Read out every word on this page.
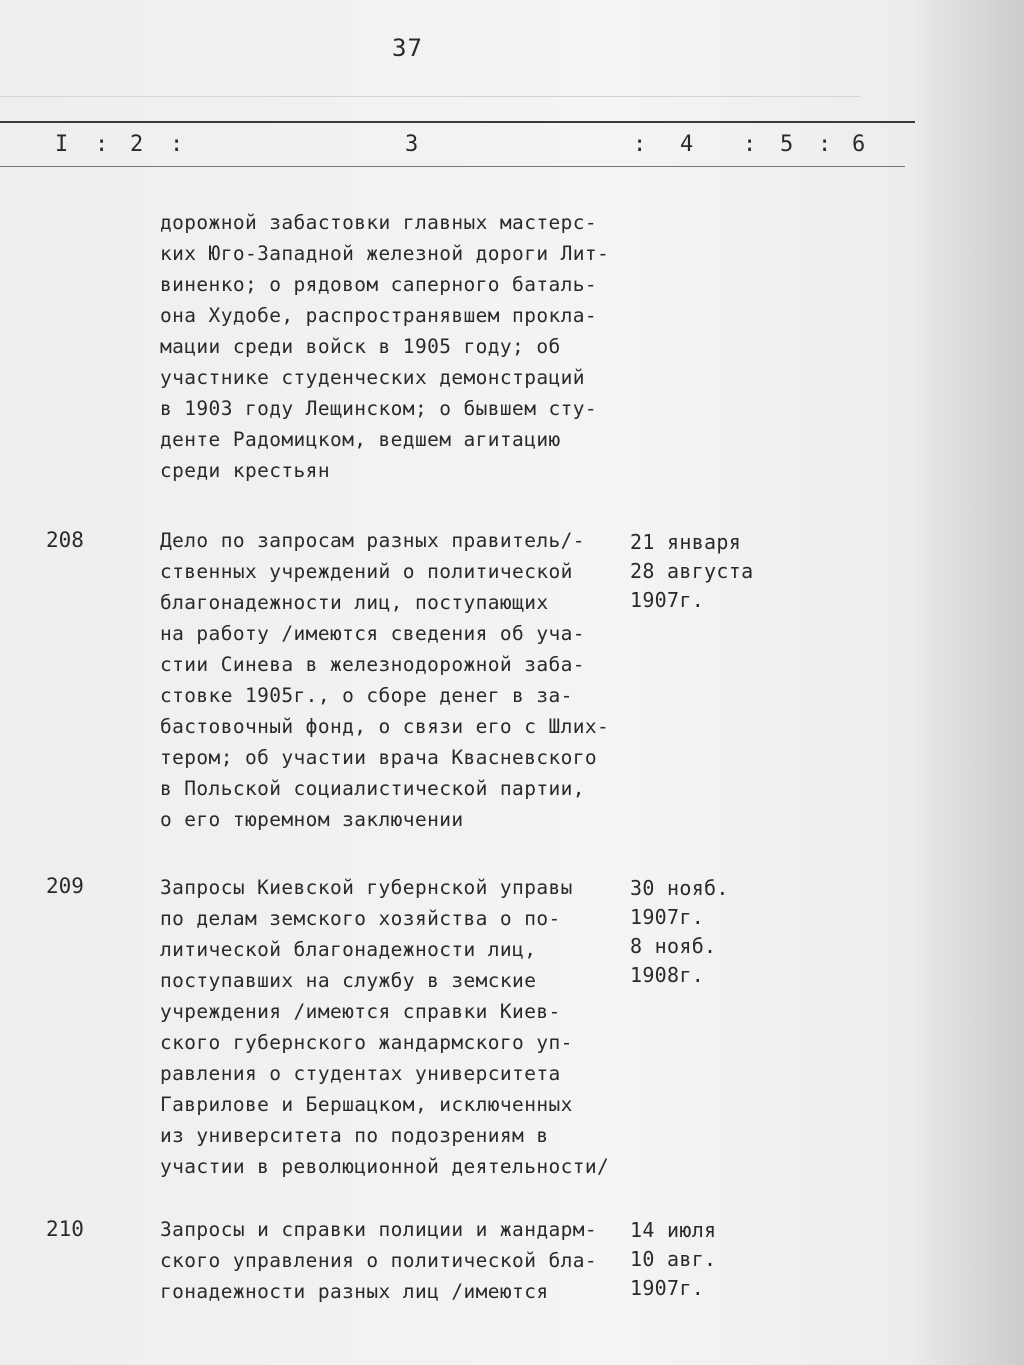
37
I : 2 :	3	: 4 : 5 : 6
дорожной забастовки главных мастерс-
ких Юго-Западной железной дороги Лит-
виненко; о рядовом саперного баталь-
она Худобе, распространявшем прокла-
мации среди войск в 1905 году; об
участнике студенческих демонстраций
в 1903 году Лещинском; о бывшем сту-
денте Радомицком, ведшем агитацию
среди крестьян
208	Дело по запросам разных правитель/-
ственных учреждений о политической
благонадежности лиц, поступающих
на работу /имеются сведения об уча-
стии Синева в железнодорожной заба-
стовке 1905г., о сборе денег в за-
бастовочный фонд, о связи его с Шлих-
тером; об участии врача Квасневского
в Польской социалистической партии,
о его тюремном заключении
21 января
28 августа
1907г.
209	Запросы Киевской губернской управы
по делам земского хозяйства о по-
литической благонадежности лиц,
поступавших на службу в земские
учреждения /имеются справки Киев-
ского губернского жандармского уп-
равления о студентах университета
Гаврилове и Бершацком, исключенных
из университета по подозрениям в
участии в революционной деятельности/
30 нояб.
1907г.
8 нояб.
1908г.
210	Запросы и справки полиции и жандарм-
ского управления о политической бла-
гонадежности разных лиц /имеются
14 июля
10 авг.
1907г.
